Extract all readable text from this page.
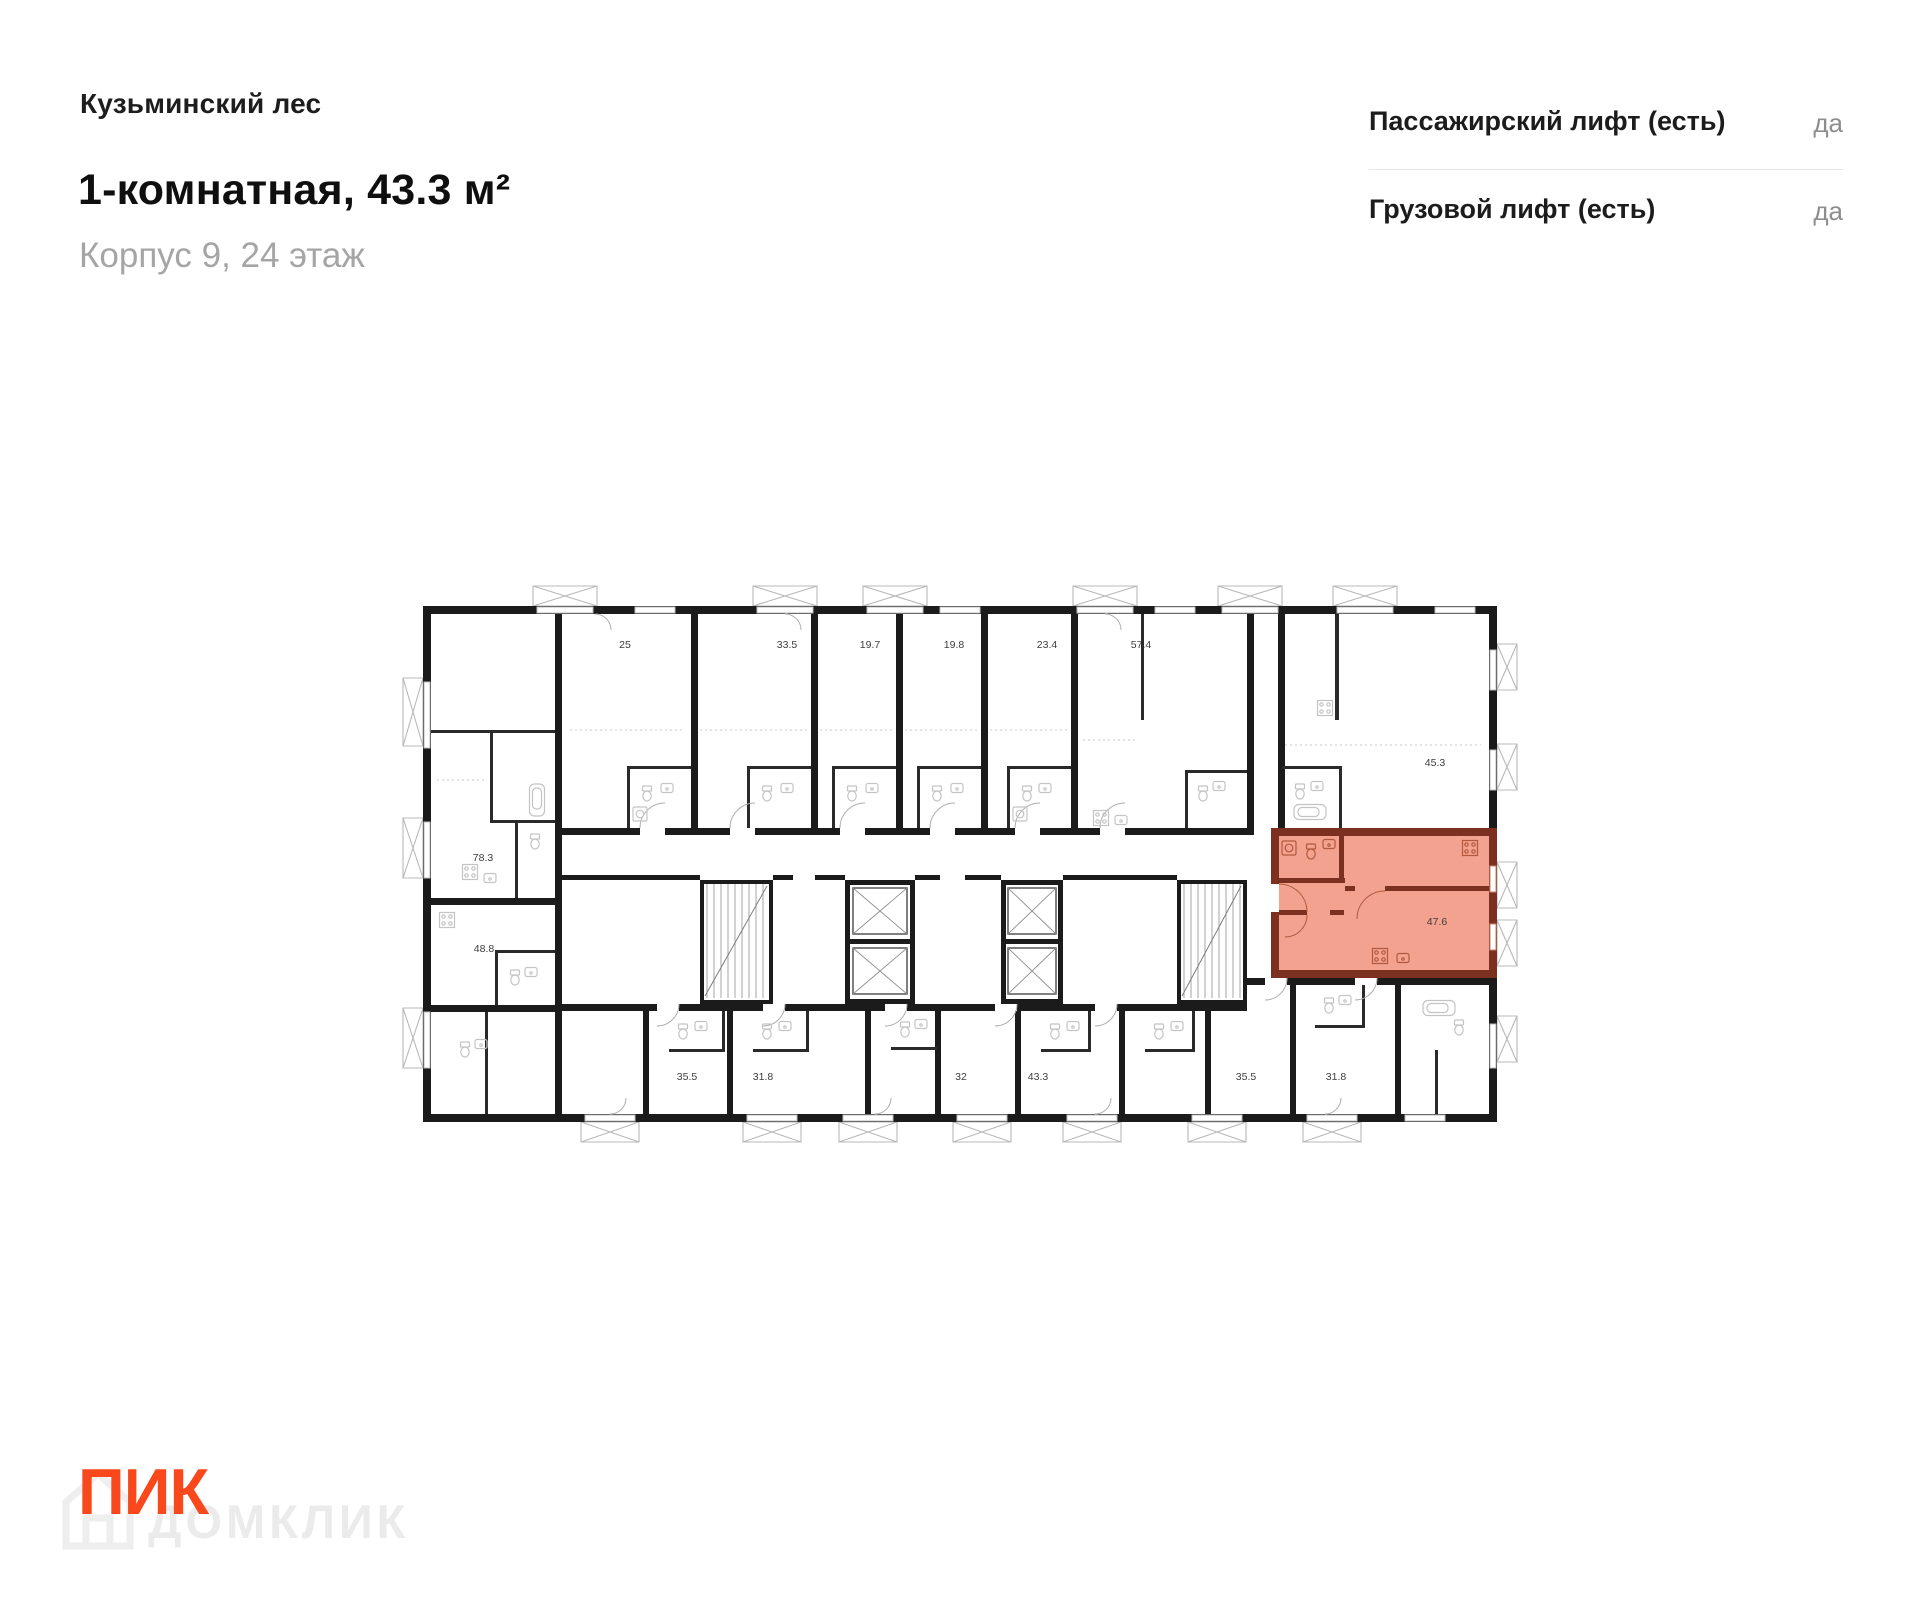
Кузьминский лес
1-комнатная, 43.3 м²
Корпус 9, 24 этаж
Пассажирский лифт (есть)	да
Грузовой лифт (есть)	да
25	33.5	19.7	19.8	23.4	57.4
45.3
78.3
48.8
47.6
35.5	31.8	32	43.3	35.5	31.8
ДОМКЛИК
ПИК
